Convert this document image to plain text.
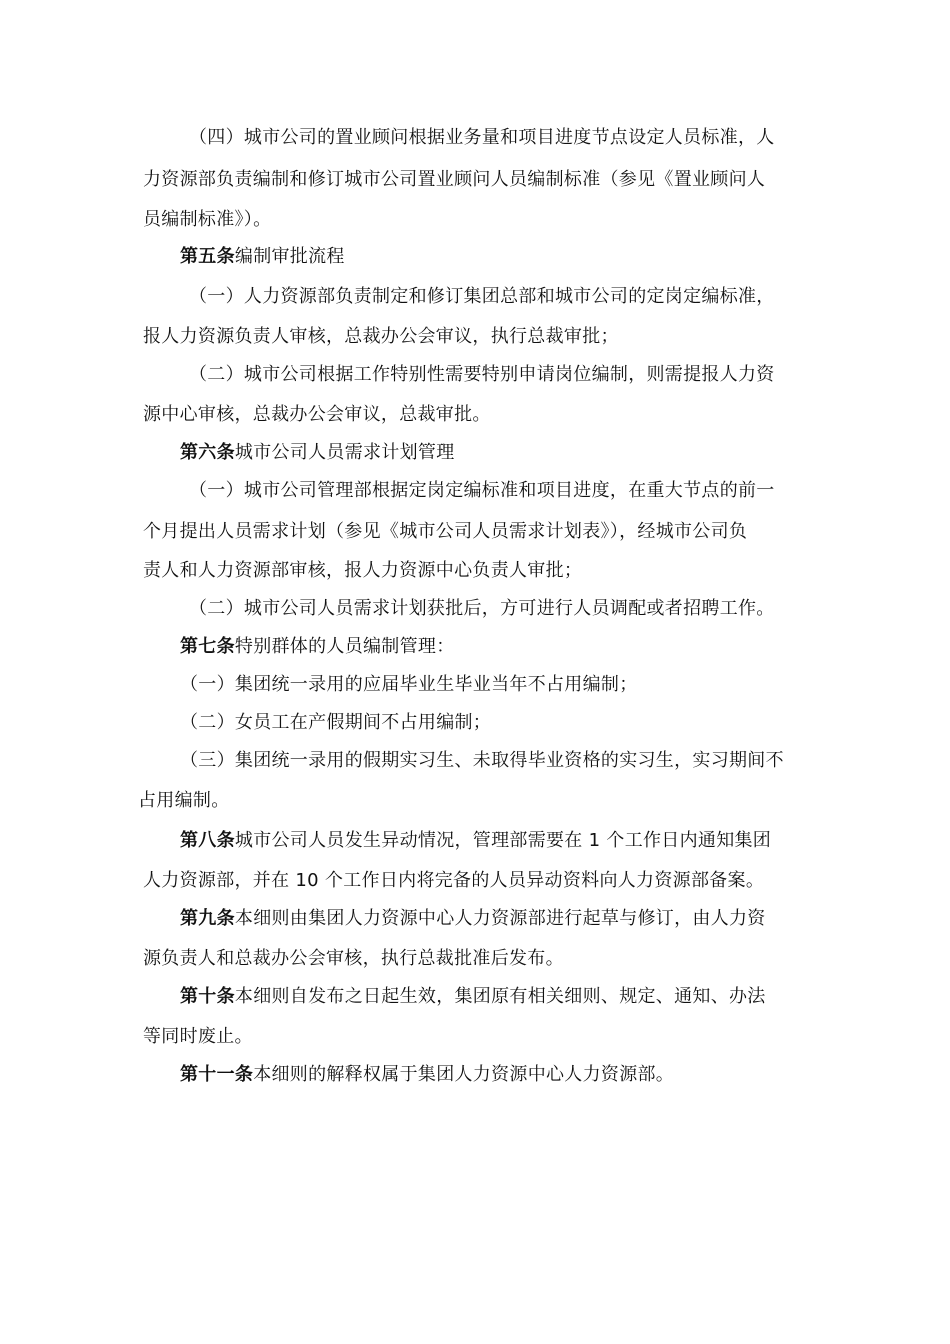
（四）城市公司的置业顾问根据业务量和项目进度节点设定人员标准，人
力资源部负责编制和修订城市公司置业顾问人员编制标准（参见《置业顾问人
员编制标准》）。
第五条编制审批流程
（一）人力资源部负责制定和修订集团总部和城市公司的定岗定编标准，
报人力资源负责人审核，总裁办公会审议，执行总裁审批；
（二）城市公司根据工作特别性需要特别申请岗位编制，则需提报人力资
源中心审核，总裁办公会审议，总裁审批。
第六条城市公司人员需求计划管理
（一）城市公司管理部根据定岗定编标准和项目进度，在重大节点的前一
个月提出人员需求计划（参见《城市公司人员需求计划表》），经城市公司负
责人和人力资源部审核，报人力资源中心负责人审批；
（二）城市公司人员需求计划获批后，方可进行人员调配或者招聘工作。
第七条特别群体的人员编制管理：
（一）集团统一录用的应届毕业生毕业当年不占用编制；
（二）女员工在产假期间不占用编制；
（三）集团统一录用的假期实习生、未取得毕业资格的实习生，实习期间不
占用编制。
第八条城市公司人员发生异动情况，管理部需要在 1 个工作日内通知集团
人力资源部，并在 10 个工作日内将完备的人员异动资料向人力资源部备案。
第九条本细则由集团人力资源中心人力资源部进行起草与修订，由人力资
源负责人和总裁办公会审核，执行总裁批准后发布。
第十条本细则自发布之日起生效，集团原有相关细则、规定、通知、办法
等同时废止。
第十一条本细则的解释权属于集团人力资源中心人力资源部。
